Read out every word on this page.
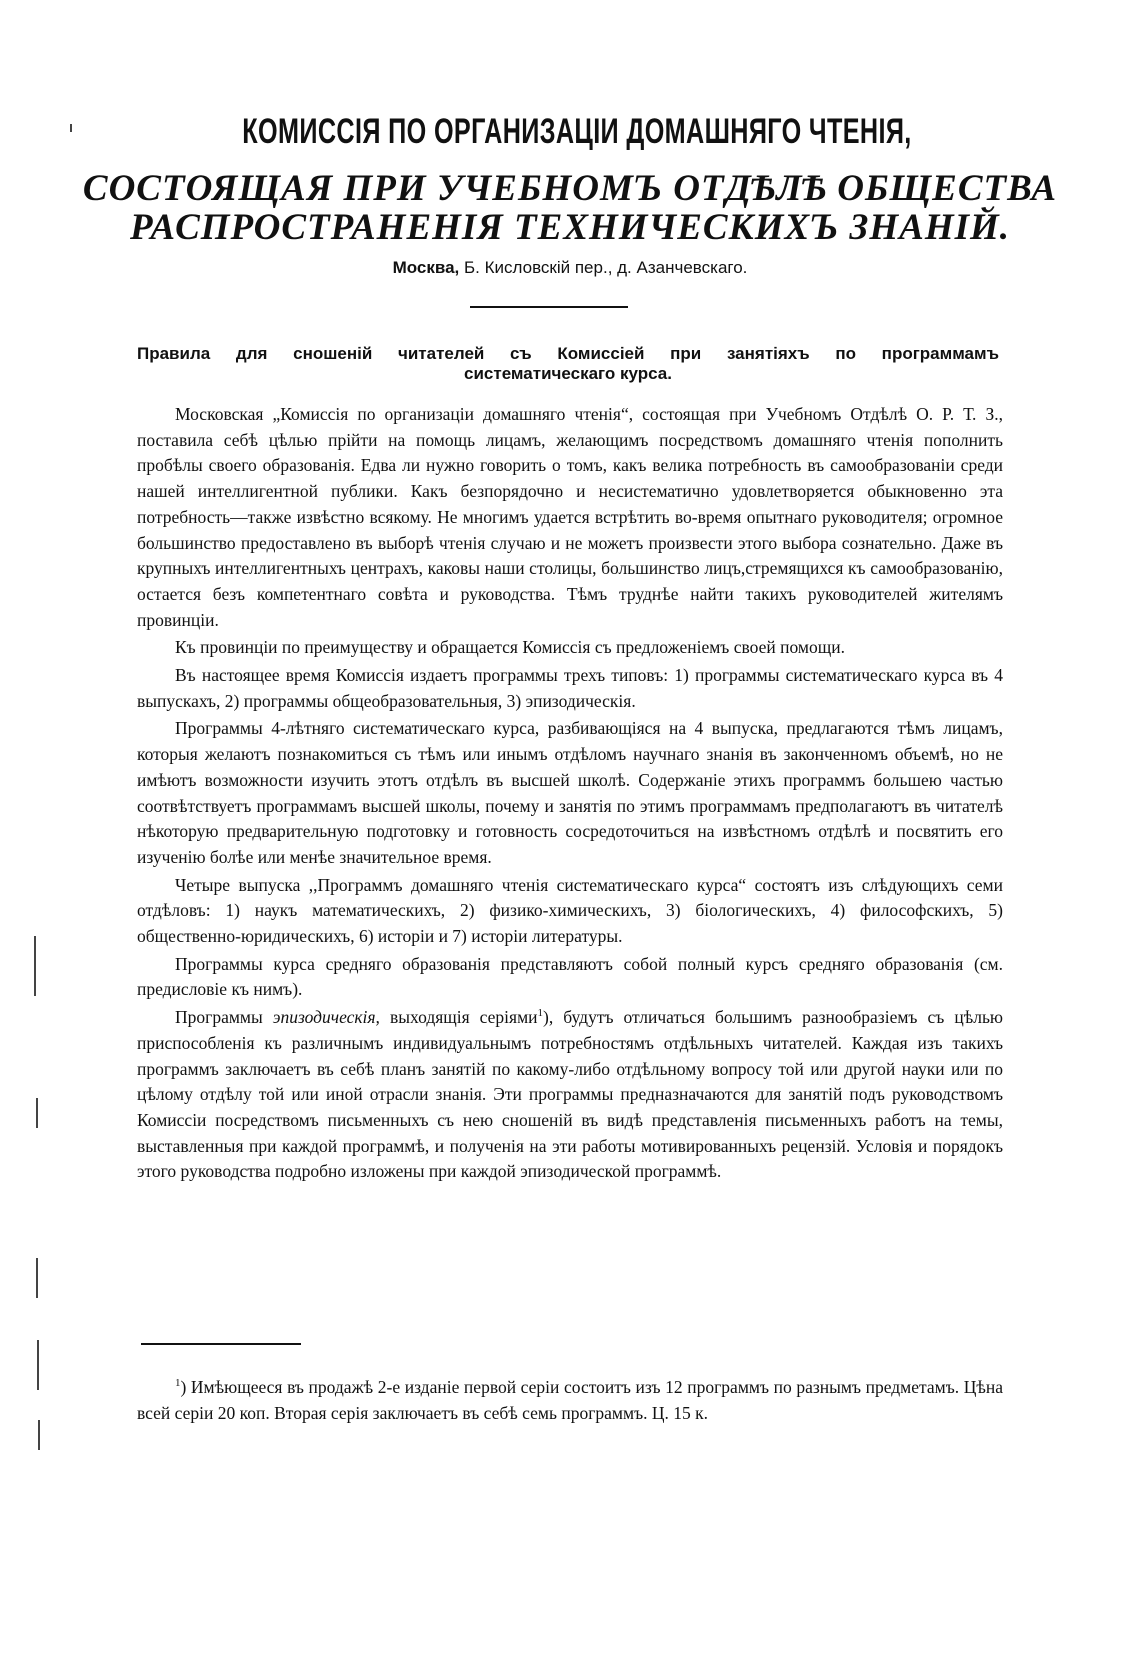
КОМИССІЯ ПО ОРГАНИЗАЦІИ ДОМАШНЯГО ЧТЕНІЯ,
СОСТОЯЩАЯ ПРИ УЧЕБНОМЪ ОТДѢЛѢ ОБЩЕСТВА
РАСПРОСТРАНЕНІЯ ТЕХНИЧЕСКИХЪ ЗНАНІЙ.
Москва, Б. Кисловскій пер., д. Азанчевскаго.
Правила для сношеній читателей съ Комиссіей при занятіяхъ по программамъ
систематическаго курса.

Московская „Комиссія по организаціи домашняго чтенія“, состоящая при Учебномъ Отдѣлѣ О. Р. Т. З., поставила себѣ цѣлью прійти на помощь лицамъ, желающимъ посредствомъ домашняго чтенія пополнить пробѣлы своего образованія. Едва ли нужно говорить о томъ, какъ велика потребность въ самообразованіи среди нашей интеллигентной публики. Какъ безпорядочно и несистематично удовлетворяется обыкновенно эта потребность—также извѣстно всякому. Не многимъ удается встрѣтить во-время опытнаго руководителя; огромное большинство предоставлено въ выборѣ чтенія случаю и не можетъ произвести этого выбора сознательно. Даже въ крупныхъ интеллигентныхъ центрахъ, каковы наши столицы, большинство лицъ,стремящихся къ самообразованію, остается безъ компетентнаго совѣта и руководства. Тѣмъ труднѣе найти такихъ руководителей жителямъ провинціи.

Къ провинціи по преимуществу и обращается Комиссія съ предложеніемъ своей помощи.

Въ настоящее время Комиссія издаетъ программы трехъ типовъ: 1) программы систематическаго курса въ 4 выпускахъ, 2) программы общеобразовательныя, 3) эпизодическія.

Программы 4-лѣтняго систематическаго курса, разбивающіяся на 4 выпуска, предлагаются тѣмъ лицамъ, которыя желаютъ познакомиться съ тѣмъ или инымъ отдѣломъ научнаго знанія въ законченномъ объемѣ, но не имѣютъ возможности изучить этотъ отдѣлъ въ высшей школѣ. Содержаніе этихъ программъ большею частью соотвѣтствуетъ программамъ высшей школы, почему и занятія по этимъ программамъ предполагаютъ въ читателѣ нѣкоторую предварительную подготовку и готовность сосредоточиться на извѣстномъ отдѣлѣ и посвятить его изученію болѣе или менѣе значительное время.

Четыре выпуска ,,Программъ домашняго чтенія систематическаго курса“ состоятъ изъ слѣдующихъ семи отдѣловъ: 1) наукъ математическихъ, 2) физико-химическихъ, 3) біологическихъ, 4) философскихъ, 5) общественно-юридическихъ, 6) исторіи и 7) исторіи литературы.

Программы курса средняго образованія представляютъ собой полный курсъ средняго образованія (см. предисловіе къ нимъ).

Программы эпизодическія, выходящія серіями$^1$), будутъ отличаться большимъ разнообразіемъ съ цѣлью приспособленія къ различнымъ индивидуальнымъ потребностямъ отдѣльныхъ читателей. Каждая изъ такихъ программъ заключаетъ въ себѣ планъ занятій по какому-либо отдѣльному вопросу той или другой науки или по цѣлому отдѣлу той или иной отрасли знанія. Эти программы предназначаются для занятій подъ руководствомъ Комиссіи посредствомъ письменныхъ съ нею сношеній въ видѣ представленія письменныхъ работъ на темы, выставленныя при каждой программѣ, и полученія на эти работы мотивированныхъ рецензій. Условія и порядокъ этого руководства подробно изложены при каждой эпизодической программѣ.

$^1$) Имѣющееся въ продажѣ 2-е изданіе первой серіи состоитъ изъ 12 программъ по разнымъ предметамъ. Цѣна всей серіи 20 коп. Вторая серія заключаетъ въ себѣ семь программъ. Ц. 15 к.
